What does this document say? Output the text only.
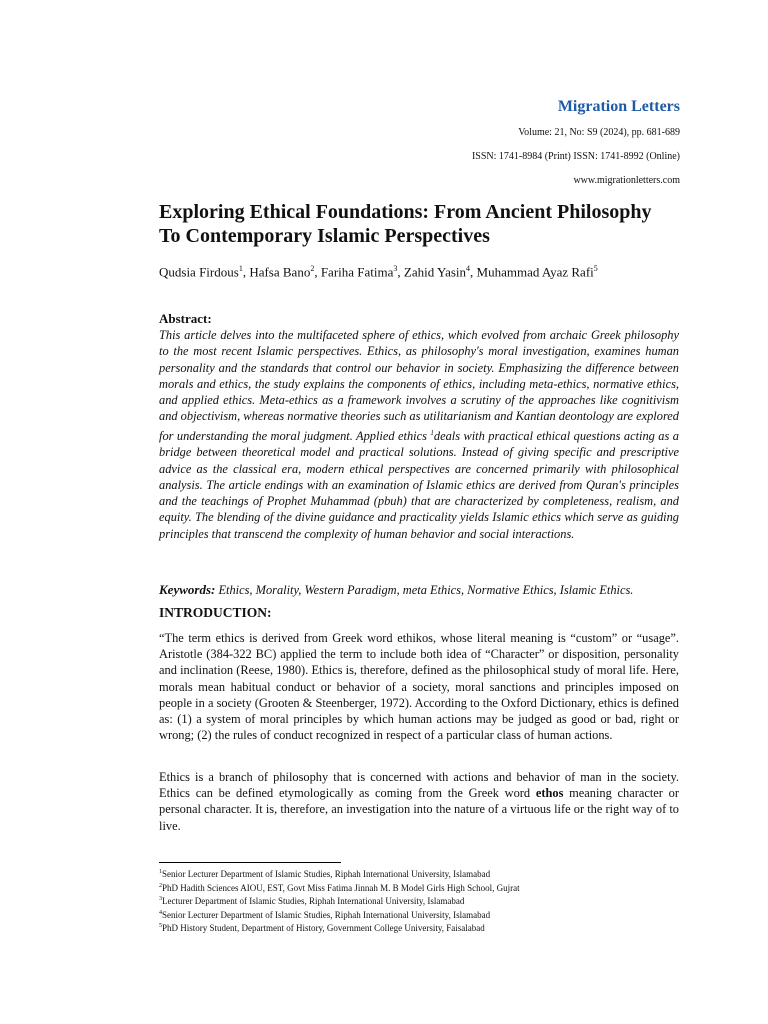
Migration Letters
Volume: 21, No: S9 (2024), pp. 681-689
ISSN: 1741-8984 (Print) ISSN: 1741-8992 (Online)
www.migrationletters.com
Exploring Ethical Foundations: From Ancient Philosophy
To Contemporary Islamic Perspectives
Qudsia Firdous$^1$, Hafsa Bano$^2$, Fariha Fatima$^3$, Zahid Yasin$^4$, Muhammad Ayaz Rafi$^5$
Abstract:
This article delves into the multifaceted sphere of ethics, which evolved from archaic Greek philosophy to the most recent Islamic perspectives. Ethics, as philosophy's moral investigation, examines human personality and the standards that control our behavior in society. Emphasizing the difference between morals and ethics, the study explains the components of ethics, including meta-ethics, normative ethics, and applied ethics. Meta-ethics as a framework involves a scrutiny of the approaches like cognitivism and objectivism, whereas normative theories such as utilitarianism and Kantian deontology are explored for understanding the moral judgment. Applied ethics $^1$deals with practical ethical questions acting as a bridge between theoretical model and practical solutions. Instead of giving specific and prescriptive advice as the classical era, modern ethical perspectives are concerned primarily with philosophical analysis. The article endings with an examination of Islamic ethics are derived from Quran's principles and the teachings of Prophet Muhammad (pbuh) that are characterized by completeness, realism, and equity. The blending of the divine guidance and practicality yields Islamic ethics which serve as guiding principles that transcend the complexity of human behavior and social interactions.
Keywords: Ethics, Morality, Western Paradigm, meta Ethics, Normative Ethics, Islamic Ethics.
INTRODUCTION:
“The term ethics is derived from Greek word ethikos, whose literal meaning is “custom” or “usage”. Aristotle (384-322 BC) applied the term to include both idea of “Character” or disposition, personality and inclination (Reese, 1980). Ethics is, therefore, defined as the philosophical study of moral life. Here, morals mean habitual conduct or behavior of a society, moral sanctions and principles imposed on people in a society (Grooten & Steenberger, 1972). According to the Oxford Dictionary, ethics is defined as: (1) a system of moral principles by which human actions may be judged as good or bad, right or wrong; (2) the rules of conduct recognized in respect of a particular class of human actions.
Ethics is a branch of philosophy that is concerned with actions and behavior of man in the society. Ethics can be defined etymologically as coming from the Greek word ethos meaning character or personal character. It is, therefore, an investigation into the nature of a virtuous life or the right way of to live.
$^1$Senior Lecturer Department of Islamic Studies, Riphah International University, Islamabad
$^2$PhD Hadith Sciences AIOU, EST, Govt Miss Fatima Jinnah M. B Model Girls High School, Gujrat
$^3$Lecturer Department of Islamic Studies, Riphah International University, Islamabad
$^4$Senior Lecturer Department of Islamic Studies, Riphah International University, Islamabad
$^5$PhD History Student, Department of History, Government College University, Faisalabad
